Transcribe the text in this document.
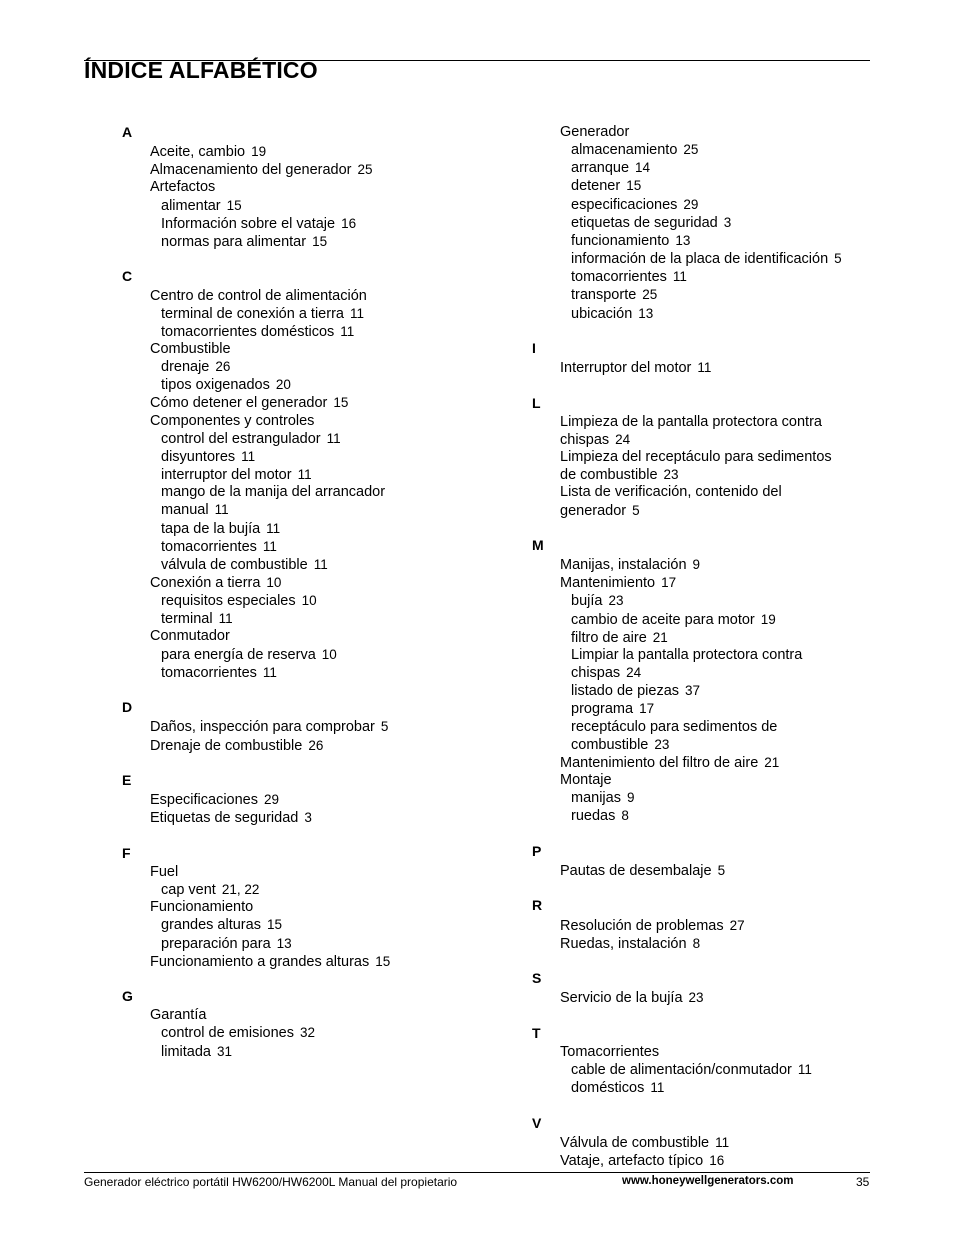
ÍNDICE ALFABÉTICO
A
Aceite, cambio 19
Almacenamiento del generador 25
Artefactos
alimentar 15
Información sobre el vataje 16
normas para alimentar 15
C
Centro de control de alimentación
terminal de conexión a tierra 11
tomacorrientes domésticos 11
Combustible
drenaje 26
tipos oxigenados 20
Cómo detener el generador 15
Componentes y controles
control del estrangulador 11
disyuntores 11
interruptor del motor 11
mango de la manija del arrancador
manual 11
tapa de la bujía 11
tomacorrientes 11
válvula de combustible 11
Conexión a tierra 10
requisitos especiales 10
terminal 11
Conmutador
para energía de reserva 10
tomacorrientes 11
D
Daños, inspección para comprobar 5
Drenaje de combustible 26
E
Especificaciones 29
Etiquetas de seguridad 3
F
Fuel
cap vent 21, 22
Funcionamiento
grandes alturas 15
preparación para 13
Funcionamiento a grandes alturas 15
G
Garantía
control de emisiones 32
limitada 31
Generador
almacenamiento 25
arranque 14
detener 15
especificaciones 29
etiquetas de seguridad 3
funcionamiento 13
información de la placa de identificación 5
tomacorrientes 11
transporte 25
ubicación 13
I
Interruptor del motor 11
L
Limpieza de la pantalla protectora contra
chispas 24
Limpieza del receptáculo para sedimentos
de combustible 23
Lista de verificación, contenido del
generador 5
M
Manijas, instalación 9
Mantenimiento 17
bujía 23
cambio de aceite para motor 19
filtro de aire 21
Limpiar la pantalla protectora contra
chispas 24
listado de piezas 37
programa 17
receptáculo para sedimentos de
combustible 23
Mantenimiento del filtro de aire 21
Montaje
manijas 9
ruedas 8
P
Pautas de desembalaje 5
R
Resolución de problemas 27
Ruedas, instalación 8
S
Servicio de la bujía 23
T
Tomacorrientes
cable de alimentación/conmutador 11
domésticos 11
V
Válvula de combustible 11
Vataje, artefacto típico 16
Generador eléctrico portátil HW6200/HW6200L Manual del propietario	www.honeywellgenerators.com	35
